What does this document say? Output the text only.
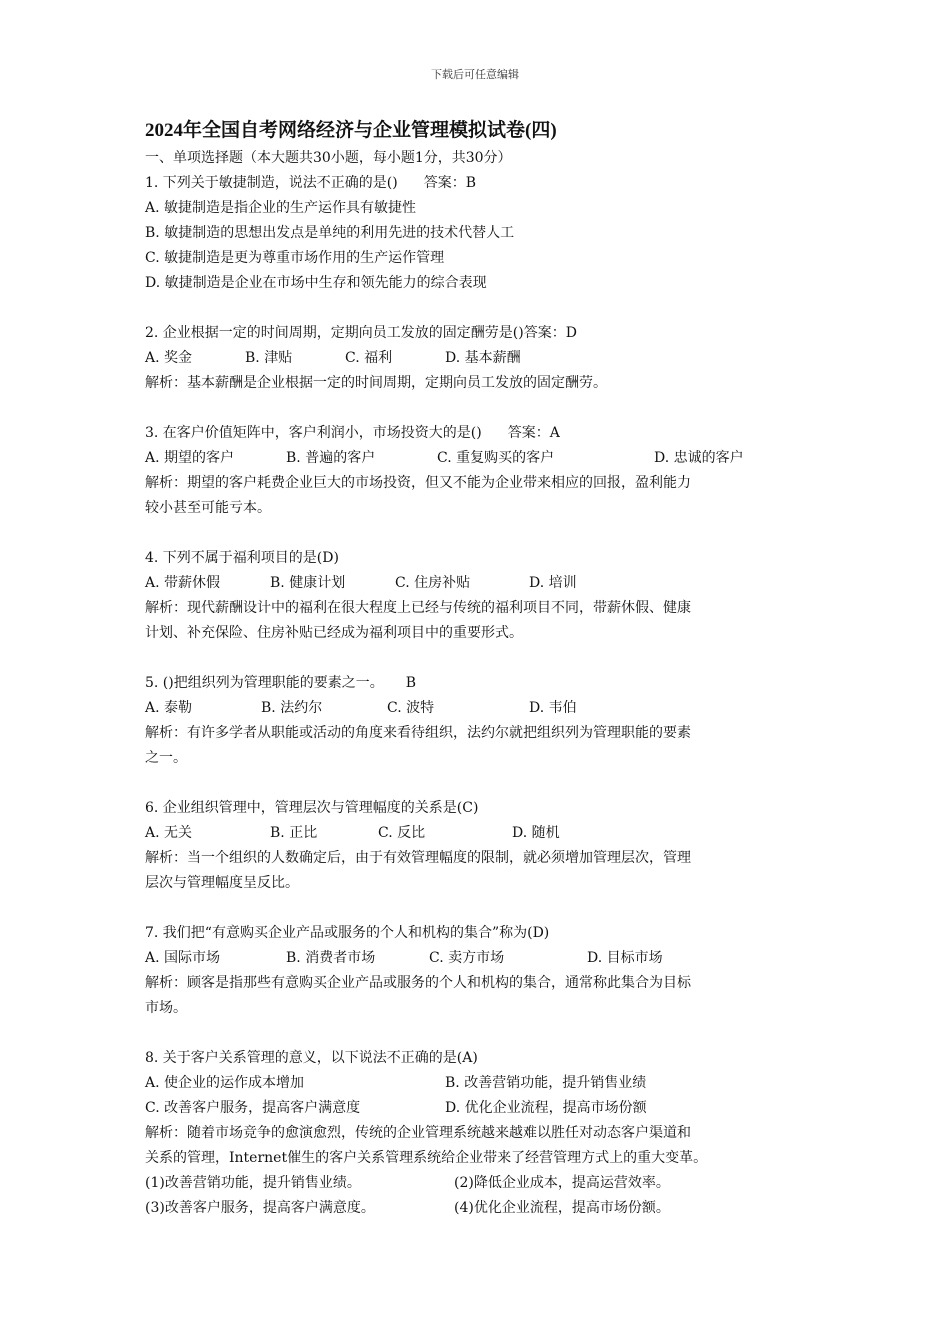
下载后可任意编辑
2024年全国自考网络经济与企业管理模拟试卷(四)
一、单项选择题（本大题共30小题，每小题1分，共30分）
1. 下列关于敏捷制造，说法不正确的是() 答案：B
A. 敏捷制造是指企业的生产运作具有敏捷性
B. 敏捷制造的思想出发点是单纯的利用先进的技术代替人工
C. 敏捷制造是更为尊重市场作用的生产运作管理
D. 敏捷制造是企业在市场中生存和领先能力的综合表现
2. 企业根据一定的时间周期，定期向员工发放的固定酬劳是()答案：D
A. 奖金	B. 津贴	C. 福利	D. 基本薪酬
解析：基本薪酬是企业根据一定的时间周期，定期向员工发放的固定酬劳。
3. 在客户价值矩阵中，客户利润小，市场投资大的是() 答案：A
A. 期望的客户	B. 普遍的客户	C. 重复购买的客户	D. 忠诚的客户
解析：期望的客户耗费企业巨大的市场投资，但又不能为企业带来相应的回报，盈利能力
较小甚至可能亏本。
4. 下列不属于福利项目的是(D)
A. 带薪休假	B. 健康计划	C. 住房补贴	D. 培训
解析：现代薪酬设计中的福利在很大程度上已经与传统的福利项目不同，带薪休假、健康
计划、补充保险、住房补贴已经成为福利项目中的重要形式。
5. ()把组织列为管理职能的要素之一。 B
A. 泰勒	B. 法约尔	C. 波特	D. 韦伯
解析：有许多学者从职能或活动的角度来看待组织，法约尔就把组织列为管理职能的要素
之一。
6. 企业组织管理中，管理层次与管理幅度的关系是(C)
A. 无关	B. 正比	C. 反比	D. 随机
解析：当一个组织的人数确定后，由于有效管理幅度的限制，就必须增加管理层次，管理
层次与管理幅度呈反比。
7. 我们把“有意购买企业产品或服务的个人和机构的集合”称为(D)
A. 国际市场	B. 消费者市场	C. 卖方市场	D. 目标市场
解析：顾客是指那些有意购买企业产品或服务的个人和机构的集合，通常称此集合为目标
市场。
8. 关于客户关系管理的意义，以下说法不正确的是(A)
A. 使企业的运作成本增加	B. 改善营销功能，提升销售业绩
C. 改善客户服务，提高客户满意度	D. 优化企业流程，提高市场份额
解析：随着市场竞争的愈演愈烈，传统的企业管理系统越来越难以胜任对动态客户渠道和
关系的管理，Internet催生的客户关系管理系统给企业带来了经营管理方式上的重大变革。
(1)改善营销功能，提升销售业绩。	(2)降低企业成本，提高运营效率。
(3)改善客户服务，提高客户满意度。	(4)优化企业流程，提高市场份额。
